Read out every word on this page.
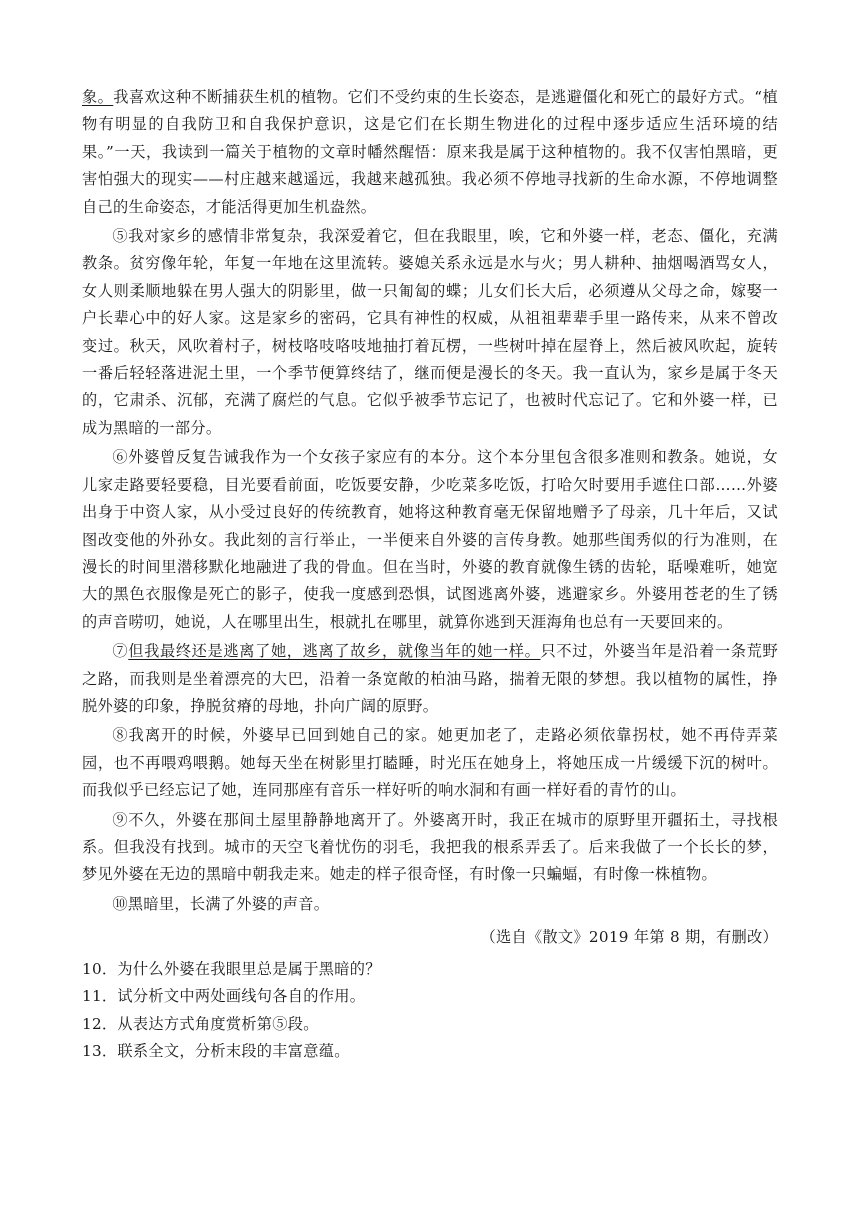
象。我喜欢这种不断捕获生机的植物。它们不受约束的生长姿态，是逃避僵化和死亡的最好方式。“植物有明显的自我防卫和自我保护意识，这是它们在长期生物进化的过程中逐步适应生活环境的结果。”一天，我读到一篇关于植物的文章时幡然醒悟：原来我是属于这种植物的。我不仅害怕黑暗，更害怕强大的现实——村庄越来越遥远，我越来越孤独。我必须不停地寻找新的生命水源，不停地调整自己的生命姿态，才能活得更加生机盎然。

⑤我对家乡的感情非常复杂，我深爱着它，但在我眼里，唉，它和外婆一样，老态、僵化，充满教条。贫穷像年轮，年复一年地在这里流转。婆媳关系永远是水与火；男人耕种、抽烟喝酒骂女人，女人则柔顺地躲在男人强大的阴影里，做一只匍匐的蝶；儿女们长大后，必须遵从父母之命，嫁娶一户长辈心中的好人家。这是家乡的密码，它具有神性的权威，从祖祖辈辈手里一路传来，从来不曾改变过。秋天，风吹着村子，树枝咯吱咯吱地抽打着瓦楞，一些树叶掉在屋脊上，然后被风吹起，旋转一番后轻轻落进泥土里，一个季节便算终结了，继而便是漫长的冬天。我一直认为，家乡是属于冬天的，它肃杀、沉郁，充满了腐烂的气息。它似乎被季节忘记了，也被时代忘记了。它和外婆一样，已成为黑暗的一部分。

⑥外婆曾反复告诫我作为一个女孩子家应有的本分。这个本分里包含很多准则和教条。她说，女儿家走路要轻要稳，目光要看前面，吃饭要安静，少吃菜多吃饭，打哈欠时要用手遮住口部……外婆出身于中资人家，从小受过良好的传统教育，她将这种教育毫无保留地赠予了母亲，几十年后，又试图改变他的外孙女。我此刻的言行举止，一半便来自外婆的言传身教。她那些闺秀似的行为准则，在漫长的时间里潜移默化地融进了我的骨血。但在当时，外婆的教育就像生锈的齿轮，聒噪难听，她宽大的黑色衣服像是死亡的影子，使我一度感到恐惧，试图逃离外婆，逃避家乡。外婆用苍老的生了锈的声音唠叨，她说，人在哪里出生，根就扎在哪里，就算你逃到天涯海角也总有一天要回来的。

⑦但我最终还是逃离了她，逃离了故乡，就像当年的她一样。只不过，外婆当年是沿着一条荒野之路，而我则是坐着漂亮的大巴，沿着一条宽敞的柏油马路，揣着无限的梦想。我以植物的属性，挣脱外婆的印象，挣脱贫瘠的母地，扑向广阔的原野。

⑧我离开的时候，外婆早已回到她自己的家。她更加老了，走路必须依靠拐杖，她不再侍弄菜园，也不再喂鸡喂鹅。她每天坐在树影里打瞌睡，时光压在她身上，将她压成一片缓缓下沉的树叶。而我似乎已经忘记了她，连同那座有音乐一样好听的响水洞和有画一样好看的青竹的山。

⑨不久，外婆在那间土屋里静静地离开了。外婆离开时，我正在城市的原野里开疆拓土，寻找根系。但我没有找到。城市的天空飞着忧伤的羽毛，我把我的根系弄丢了。后来我做了一个长长的梦，梦见外婆在无边的黑暗中朝我走来。她走的样子很奇怪，有时像一只蝙蝠，有时像一株植物。

⑩黑暗里，长满了外婆的声音。

（选自《散文》2019 年第 8 期，有删改）

10．为什么外婆在我眼里总是属于黑暗的？

11．试分析文中两处画线句各自的作用。

12．从表达方式角度赏析第⑤段。

13．联系全文，分析末段的丰富意蕴。
